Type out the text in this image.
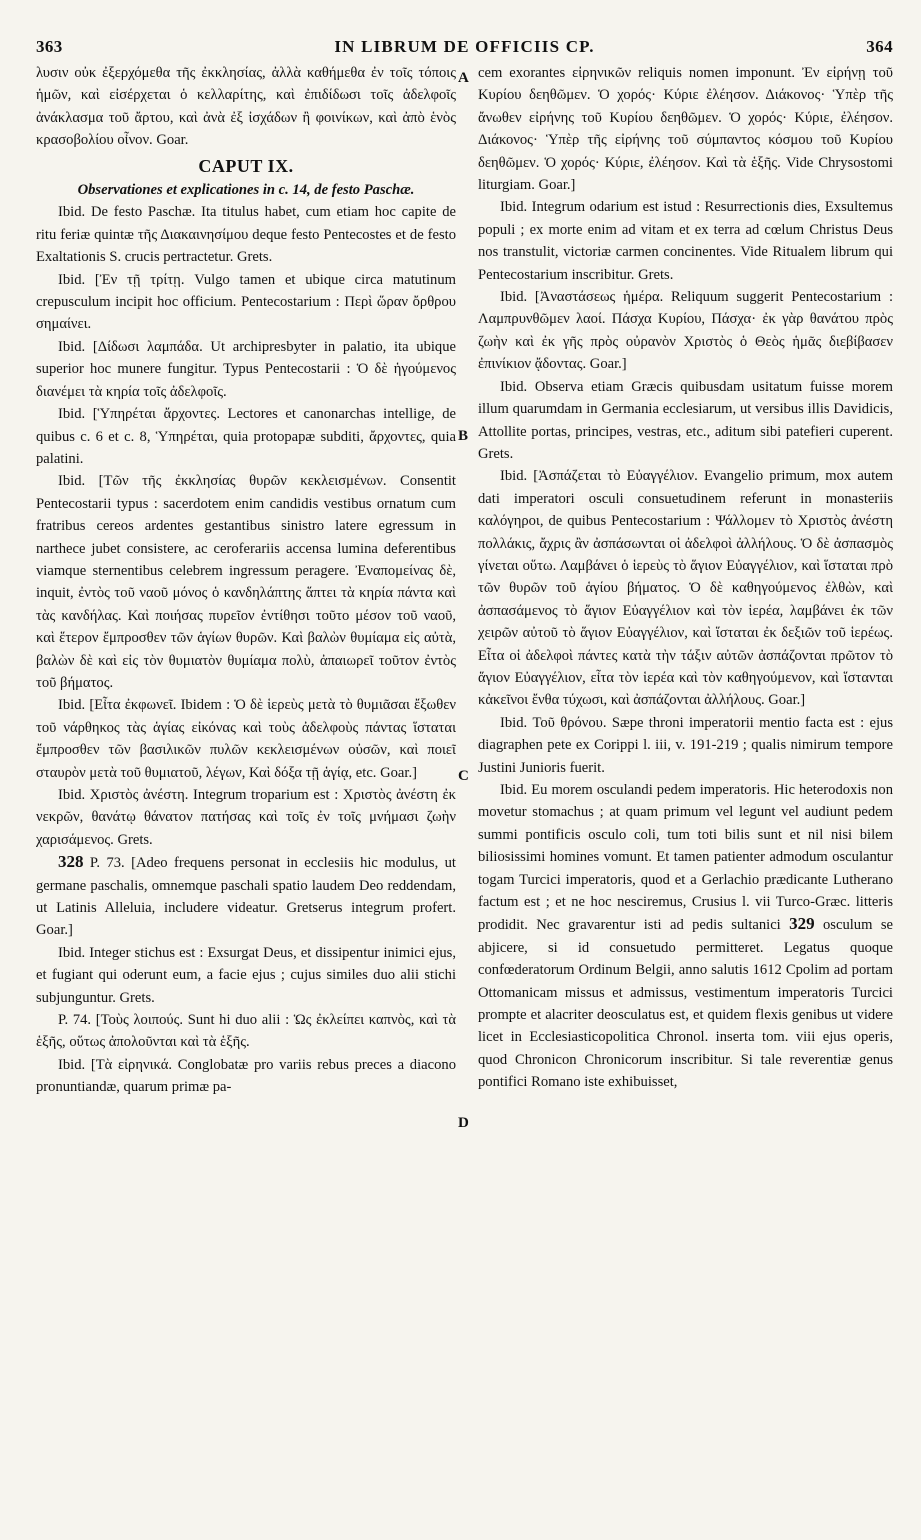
363	IN LIBRUM DE OFFICIIS CP.	364

λυσιν οὐκ ἐξερχόμεθα τῆς ἐκκλησίας, ἀλλὰ καθήμεθα ἐν τοῖς τόποις ἡμῶν, καὶ εἰσέρχεται ὁ κελλαρίτης, καὶ ἐπιδίδωσι τοῖς ἀδελφοῖς ἀνάκλασμα τοῦ ἄρτου, καὶ ἀνὰ ἐξ ἰσχάδων ἢ φοινίκων, καὶ ἀπὸ ἑνὸς κρασοβολίου οἶνον. Goar.

CAPUT IX.

Observationes et explicationes in c. 14, de festo Paschæ.

Ibid. De festo Paschæ. Ita titulus habet, cum etiam hoc capite de ritu feriæ quintæ τῆς Διακαινησίμου deque festo Pentecostes et de festo Exaltationis S. crucis pertractetur. Grets.

Ibid. [Ἐν τῇ τρίτῃ. Vulgo tamen et ubique circa matutinum crepusculum incipit hoc officium. Pentecostarium : Περὶ ὥραν ὄρθρου σημαίνει.

Ibid. [Δίδωσι λαμπάδα. Ut archipresbyter in palatio, ita ubique superior hoc munere fungitur. Typus Pentecostarii : Ὁ δὲ ἡγούμενος διανέμει τὰ κηρία τοῖς ἀδελφοῖς.

Ibid. [Ὑπηρέται ἄρχοντες. Lectores et canonarchas intellige, de quibus c. 6 et c. 8, Ὑπηρέται, quia protopapæ subditi, ἄρχοντες, quia palatini.

Ibid. [Τῶν τῆς ἐκκλησίας θυρῶν κεκλεισμένων. Consentit Pentecostarii typus : sacerdotem enim candidis vestibus ornatum cum fratribus cereos ardentes gestantibus sinistro latere egressum in narthece jubet consistere, ac ceroferariis accensa lumina deferentibus viamque sternentibus celebrem ingressum peragere. Ἐναπομείνας δὲ, inquit, ἐντὸς τοῦ ναοῦ μόνος ὁ κανδηλάπτης ἅπτει τὰ κηρία πάντα καὶ τὰς κανδήλας. Καὶ ποιήσας πυρεῖον ἐντίθησι τοῦτο μέσον τοῦ ναοῦ, καὶ ἕτερον ἔμπροσθεν τῶν ἁγίων θυρῶν. Καὶ βαλὼν θυμίαμα εἰς αὐτὰ, βαλὼν δὲ καὶ εἰς τὸν θυμιατὸν θυμίαμα πολὺ, ἀπαιωρεῖ τοῦτον ἐντὸς τοῦ βήματος.

Ibid. [Εἶτα ἐκφωνεῖ. Ibidem : Ὁ δὲ ἱερεὺς μετὰ τὸ θυμιᾶσαι ἔξωθεν τοῦ νάρθηκος τὰς ἁγίας εἰκόνας καὶ τοὺς ἀδελφοὺς πάντας ἵσταται ἔμπροσθεν τῶν βασιλικῶν πυλῶν κεκλεισμένων οὐσῶν, καὶ ποιεῖ σταυρὸν μετὰ τοῦ θυμιατοῦ, λέγων, Καὶ δόξα τῇ ἁγίᾳ, etc. Goar.]

Ibid. Χριστὸς ἀνέστη. Integrum troparium est : Χριστὸς ἀνέστη ἐκ νεκρῶν, θανάτῳ θάνατον πατήσας καὶ τοῖς ἐν τοῖς μνήμασι ζωὴν χαρισάμενος. Grets.

328 P. 73. [Adeo frequens personat in ecclesiis hic modulus, ut germane paschalis, omnemque paschali spatio laudem Deo reddendam, ut Latinis Alleluia, includere videatur. Gretserus integrum profert. Goar.]

Ibid. Integer stichus est : Exsurgat Deus, et dissipentur inimici ejus, et fugiant qui oderunt eum, a facie ejus ; cujus similes duo alii stichi subjunguntur. Grets.

P. 74. [Τοὺς λοιπούς. Sunt hi duo alii : Ὡς ἐκλείπει καπνὸς, καὶ τὰ ἑξῆς, οὕτως ἀπολοῦνται καὶ τὰ ἑξῆς.

Ibid. [Τὰ εἰρηνικά. Conglobatæ pro variis rebus preces a diacono pronuntiandæ, quarum primæ pa-

A
B
C
D

cem exorantes εἰρηνικῶν reliquis nomen imponunt. Ἐν εἰρήνῃ τοῦ Κυρίου δεηθῶμεν. Ὁ χορός· Κύριε ἐλέησον. Διάκονος· Ὑπὲρ τῆς ἄνωθεν εἰρήνης τοῦ Κυρίου δεηθῶμεν. Ὁ χορός· Κύριε, ἐλέησον. Διάκονος· Ὑπὲρ τῆς εἰρήνης τοῦ σύμπαντος κόσμου τοῦ Κυρίου δεηθῶμεν. Ὁ χορός· Κύριε, ἐλέησον. Καὶ τὰ ἑξῆς. Vide Chrysostomi liturgiam. Goar.]

Ibid. Integrum odarium est istud : Resurrectionis dies, Exsultemus populi ; ex morte enim ad vitam et ex terra ad cœlum Christus Deus nos transtulit, victoriæ carmen concinentes. Vide Ritualem librum qui Pentecostarium inscribitur. Grets.

Ibid. [Ἀναστάσεως ἡμέρα. Reliquum suggerit Pentecostarium : Λαμπρυνθῶμεν λαοί. Πάσχα Κυρίου, Πάσχα· ἐκ γὰρ θανάτου πρὸς ζωὴν καὶ ἐκ γῆς πρὸς οὐρανὸν Χριστὸς ὁ Θεὸς ἡμᾶς διεβίβασεν ἐπινίκιον ᾄδοντας. Goar.]

Ibid. Observa etiam Græcis quibusdam usitatum fuisse morem illum quarumdam in Germania ecclesiarum, ut versibus illis Davidicis, Attollite portas, principes, vestras, etc., aditum sibi patefieri cuperent. Grets.

Ibid. [Ἀσπάζεται τὸ Εὐαγγέλιον. Evangelio primum, mox autem dati imperatori osculi consuetudinem referunt in monasteriis καλόγηροι, de quibus Pentecostarium : Ψάλλομεν τὸ Χριστὸς ἀνέστη πολλάκις, ἄχρις ἂν ἀσπάσωνται οἱ ἀδελφοὶ ἀλλήλους. Ὁ δὲ ἀσπασμὸς γίνεται οὕτω. Λαμβάνει ὁ ἱερεὺς τὸ ἅγιον Εὐαγγέλιον, καὶ ἵσταται πρὸ τῶν θυρῶν τοῦ ἁγίου βήματος. Ὁ δὲ καθηγούμενος ἐλθὼν, καὶ ἀσπασάμενος τὸ ἅγιον Εὐαγγέλιον καὶ τὸν ἱερέα, λαμβάνει ἐκ τῶν χειρῶν αὐτοῦ τὸ ἅγιον Εὐαγγέλιον, καὶ ἵσταται ἐκ δεξιῶν τοῦ ἱερέως. Εἶτα οἱ ἀδελφοὶ πάντες κατὰ τὴν τάξιν αὐτῶν ἀσπάζονται πρῶτον τὸ ἅγιον Εὐαγγέλιον, εἶτα τὸν ἱερέα καὶ τὸν καθηγούμενον, καὶ ἵστανται κἀκεῖνοι ἔνθα τύχωσι, καὶ ἀσπάζονται ἀλλήλους. Goar.]

Ibid. Τοῦ θρόνου. Sæpe throni imperatorii mentio facta est : ejus diagraphen pete ex Corippi l. iii, v. 191-219 ; qualis nimirum tempore Justini Junioris fuerit.

Ibid. Eu morem osculandi pedem imperatoris. Hic heterodoxis non movetur stomachus ; at quam primum vel legunt vel audiunt pedem summi pontificis osculo coli, tum toti bilis sunt et nil nisi bilem biliosissimi homines vomunt. Et tamen patienter admodum osculantur togam Turcici imperatoris, quod et a Gerlachio prædicante Lutherano factum est ; et ne hoc nesciremus, Crusius l. vii Turco-Græc. litteris prodidit. Nec gravarentur isti ad pedis sultanici 329 osculum se abjicere, si id consuetudo permitteret. Legatus quoque confœderatorum Ordinum Belgii, anno salutis 1612 Cpolim ad portam Ottomanicam missus et admissus, vestimentum imperatoris Turcici prompte et alacriter deosculatus est, et quidem flexis genibus ut videre licet in Ecclesiasticopolitica Chronol. inserta tom. viii ejus operis, quod Chronicon Chronicorum inscribitur. Si tale reverentiæ genus pontifici Romano iste exhibuisset,
